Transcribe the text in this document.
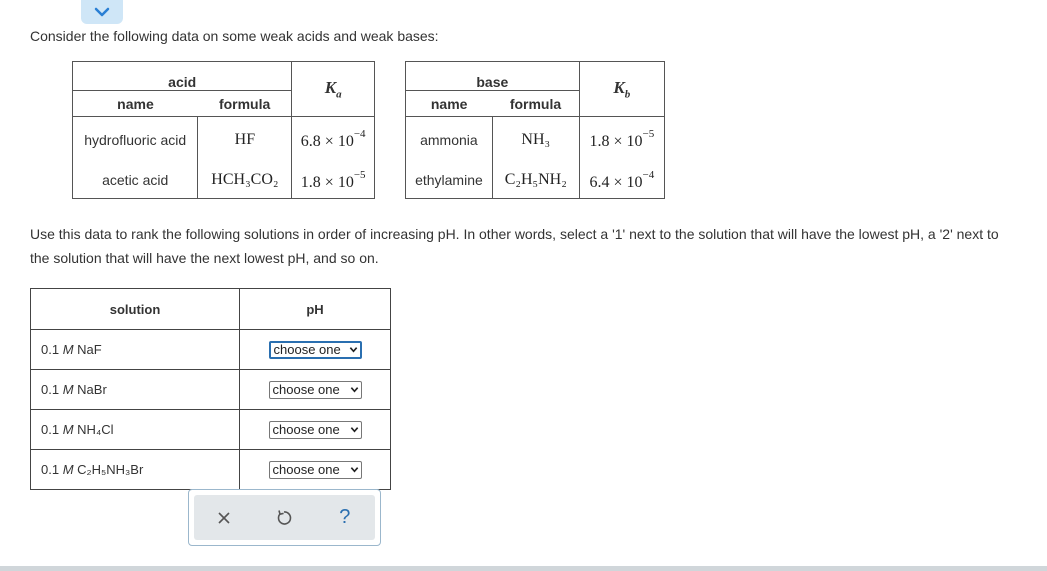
Consider the following data on some weak acids and weak bases:

acid		$K_a$
name	formula	
hydrofluoric acid	HF	$6.8 \times 10^{-4}$
acetic acid	HCH₃CO₂	$1.8 \times 10^{-5}$
base		$K_b$
name	formula	
ammonia	NH₃	$1.8 \times 10^{-5}$
ethylamine	C₂H₅NH₂	$6.4 \times 10^{-4}$

Use this data to rank the following solutions in order of increasing pH. In other words, select a '1' next to the solution that will have the lowest pH, a '2' next to the solution that will have the next lowest pH, and so on.

solution	pH
0.1 M NaF	choose one

0.1 M NaBr	choose one

0.1 M NH₄Cl	choose one

0.1 M C₂H₅NH₃Br	choose one
?
